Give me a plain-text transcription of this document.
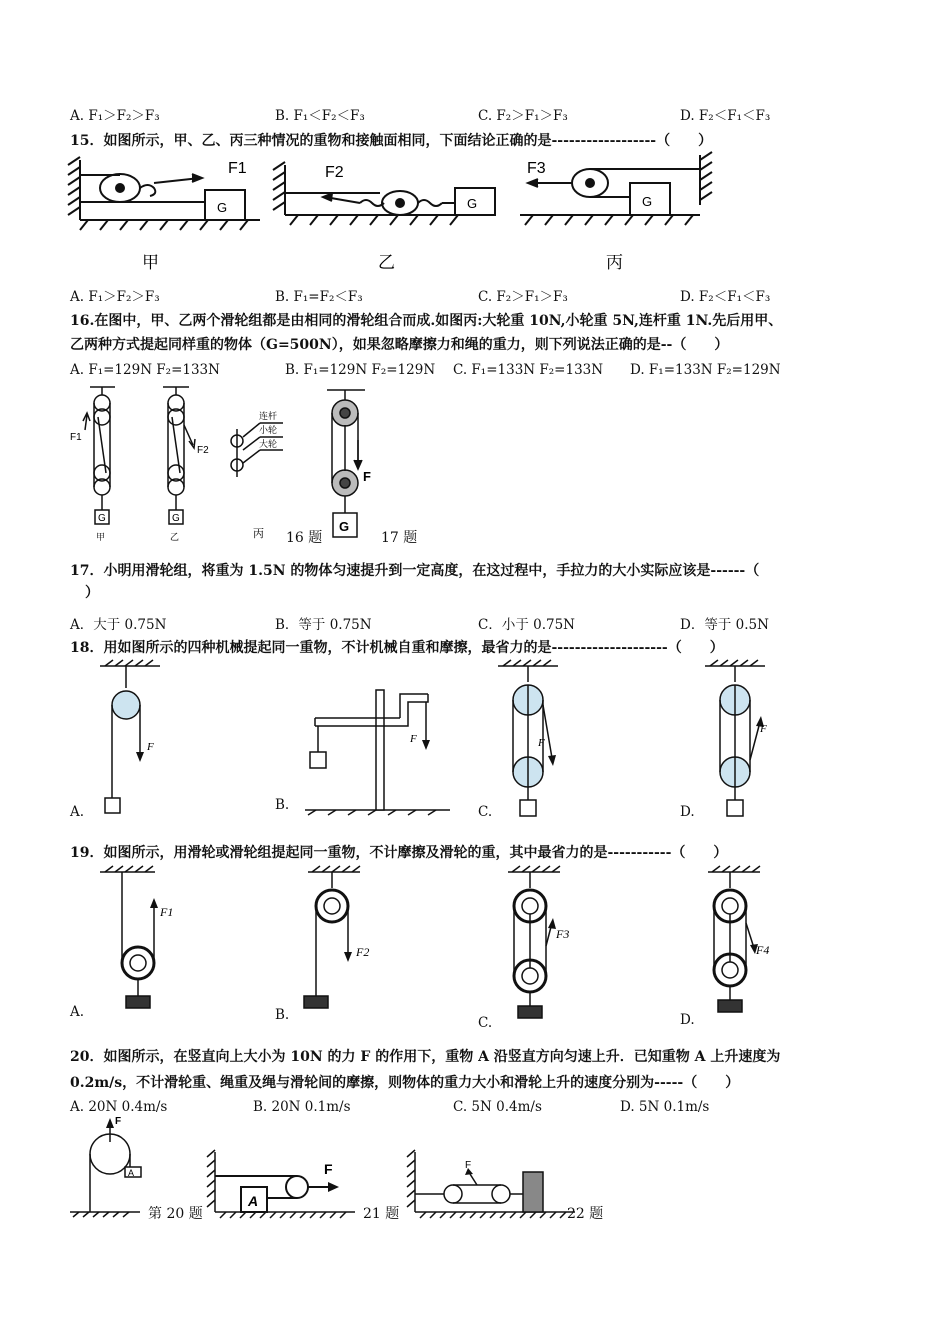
A. F₁＞F₂＞F₃	B. F₁＜F₂＜F₃	C. F₂＞F₁＞F₃	D. F₂＜F₁＜F₃
15．如图所示，甲、乙、丙三种情况的重物和接触面相同，下面结论正确的是------------------（　　）
F1
G
F2
G
F3
G
甲	乙	丙
A. F₁＞F₂＞F₃	B. F₁=F₂＜F₃	C. F₂＞F₁＞F₃	D. F₂＜F₁＜F₃
16.在图中，甲、乙两个滑轮组都是由相同的滑轮组合而成.如图丙:大轮重 10N,小轮重 5N,连杆重 1N.先后用甲、
乙两种方式提起同样重的物体（G=500N），如果忽略摩擦力和绳的重力，则下列说法正确的是--（　　）
A. F₁=129N F₂=133N	B. F₁=129N F₂=129N C. F₁=133N F₂=133N D. F₁=133N F₂=129N
F1
F2
G	G
连杆
小轮
大轮
甲	乙	丙
F
G
16 题	17 题
17．小明用滑轮组，将重为 1.5N 的物体匀速提升到一定高度，在这过程中，手拉力的大小实际应该是------（
）
A．大于 0.75N	B．等于 0.75N	C．小于 0.75N	D．等于 0.5N
18．用如图所示的四种机械提起同一重物，不计机械自重和摩擦，最省力的是--------------------（　　）
F
F	F
F
A.	B.	C.	D.
19．如图所示，用滑轮或滑轮组提起同一重物，不计摩擦及滑轮的重，其中最省力的是-----------（　　）
F1
F2
F3
F4
A.	B.	C.	D.
20．如图所示，在竖直向上大小为 10N 的力 F 的作用下，重物 A 沿竖直方向匀速上升．已知重物 A 上升速度为
0.2m/s，不计滑轮重、绳重及绳与滑轮间的摩擦，则物体的重力大小和滑轮上升的速度分别为-----（　　）
A. 20N 0.4m/s	B. 20N 0.1m/s	C. 5N 0.4m/s	D. 5N 0.1m/s
F
A	F
A
F
第 20 题	21 题	22 题
